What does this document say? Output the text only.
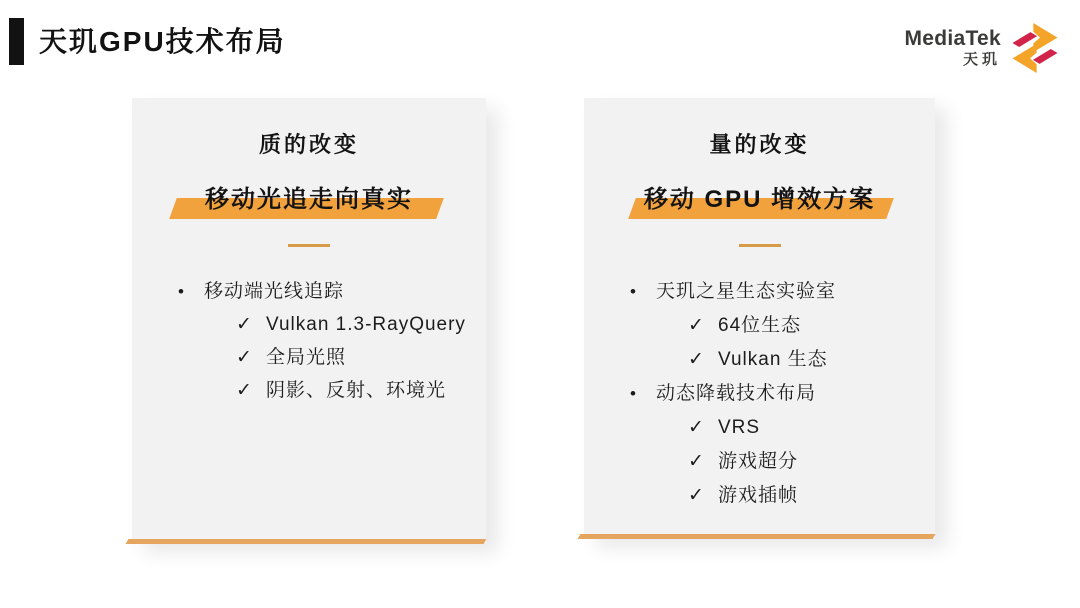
天玑GPU技术布局	MediaTek
天玑
质的改变
移动光追走向真实
•	移动端光线追踪
✓ Vulkan 1.3-RayQuery
✓ 全局光照
✓ 阴影、反射、环境光
量的改变
移动 GPU 增效方案
•	天玑之星生态实验室
✓ 64位生态
✓ Vulkan 生态
•	动态降载技术布局
✓ VRS
✓ 游戏超分
✓ 游戏插帧
